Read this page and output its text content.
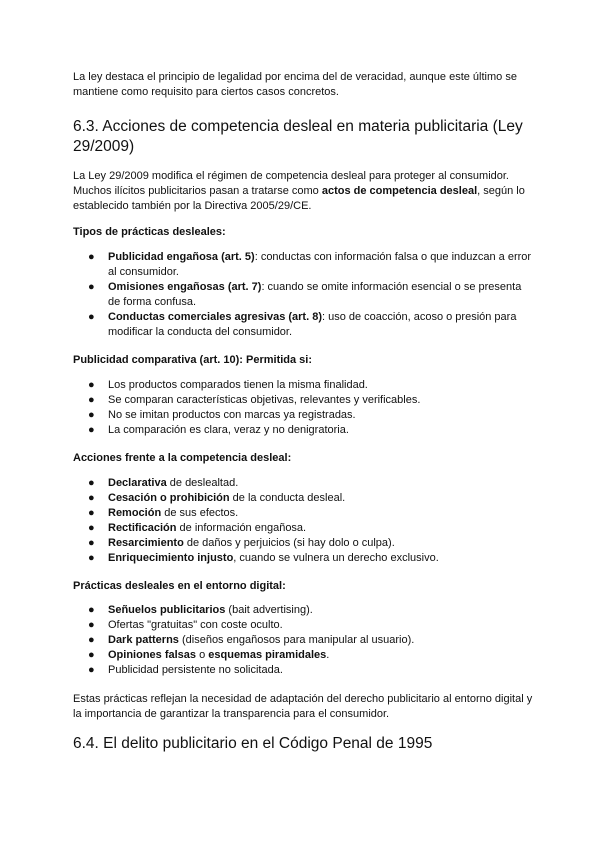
La ley destaca el principio de legalidad por encima del de veracidad, aunque este último se mantiene como requisito para ciertos casos concretos.

6.3. Acciones de competencia desleal en materia publicitaria (Ley 29/2009)

La Ley 29/2009 modifica el régimen de competencia desleal para proteger al consumidor. Muchos ilícitos publicitarios pasan a tratarse como actos de competencia desleal, según lo establecido también por la Directiva 2005/29/CE.

Tipos de prácticas desleales:
● Publicidad engañosa (art. 5): conductas con información falsa o que induzcan a error al consumidor.
● Omisiones engañosas (art. 7): cuando se omite información esencial o se presenta de forma confusa.
● Conductas comerciales agresivas (art. 8): uso de coacción, acoso o presión para modificar la conducta del consumidor.
Publicidad comparativa (art. 10): Permitida si:
● Los productos comparados tienen la misma finalidad.
● Se comparan características objetivas, relevantes y verificables.
● No se imitan productos con marcas ya registradas.
● La comparación es clara, veraz y no denigratoria.
Acciones frente a la competencia desleal:
● Declarativa de deslealtad.
● Cesación o prohibición de la conducta desleal.
● Remoción de sus efectos.
● Rectificación de información engañosa.
● Resarcimiento de daños y perjuicios (si hay dolo o culpa).
● Enriquecimiento injusto, cuando se vulnera un derecho exclusivo.
Prácticas desleales en el entorno digital:
● Señuelos publicitarios (bait advertising).
● Ofertas "gratuitas" con coste oculto.
● Dark patterns (diseños engañosos para manipular al usuario).
● Opiniones falsas o esquemas piramidales.
● Publicidad persistente no solicitada.

Estas prácticas reflejan la necesidad de adaptación del derecho publicitario al entorno digital y la importancia de garantizar la transparencia para el consumidor.

6.4. El delito publicitario en el Código Penal de 1995
